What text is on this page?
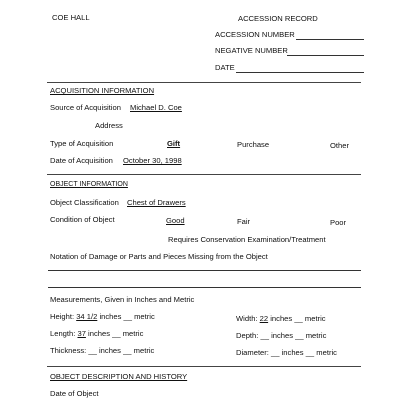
COE HALL	ACCESSION RECORD
ACCESSION NUMBER
NEGATIVE NUMBER
DATE
ACQUISITION INFORMATION
Source of Acquisition Michael D. Coe
Address
Type of Acquisition	Gift	Purchase	Other
Date of Acquisition October 30, 1998
OBJECT INFORMATION
Object Classification Chest of Drawers
Condition of Object	Good	Fair	Poor
Requires Conservation Examination/Treatment
Notation of Damage or Parts and Pieces Missing from the Object
Measurements, Given in Inches and Metric
Height: 34 1/2 inches __ metric	Width: 22 inches __ metric
Length: 37 inches __ metric	Depth: __ inches __ metric
Thickness: __ inches __ metric	Diameter: __ inches __ metric
OBJECT DESCRIPTION AND HISTORY
Date of Object
